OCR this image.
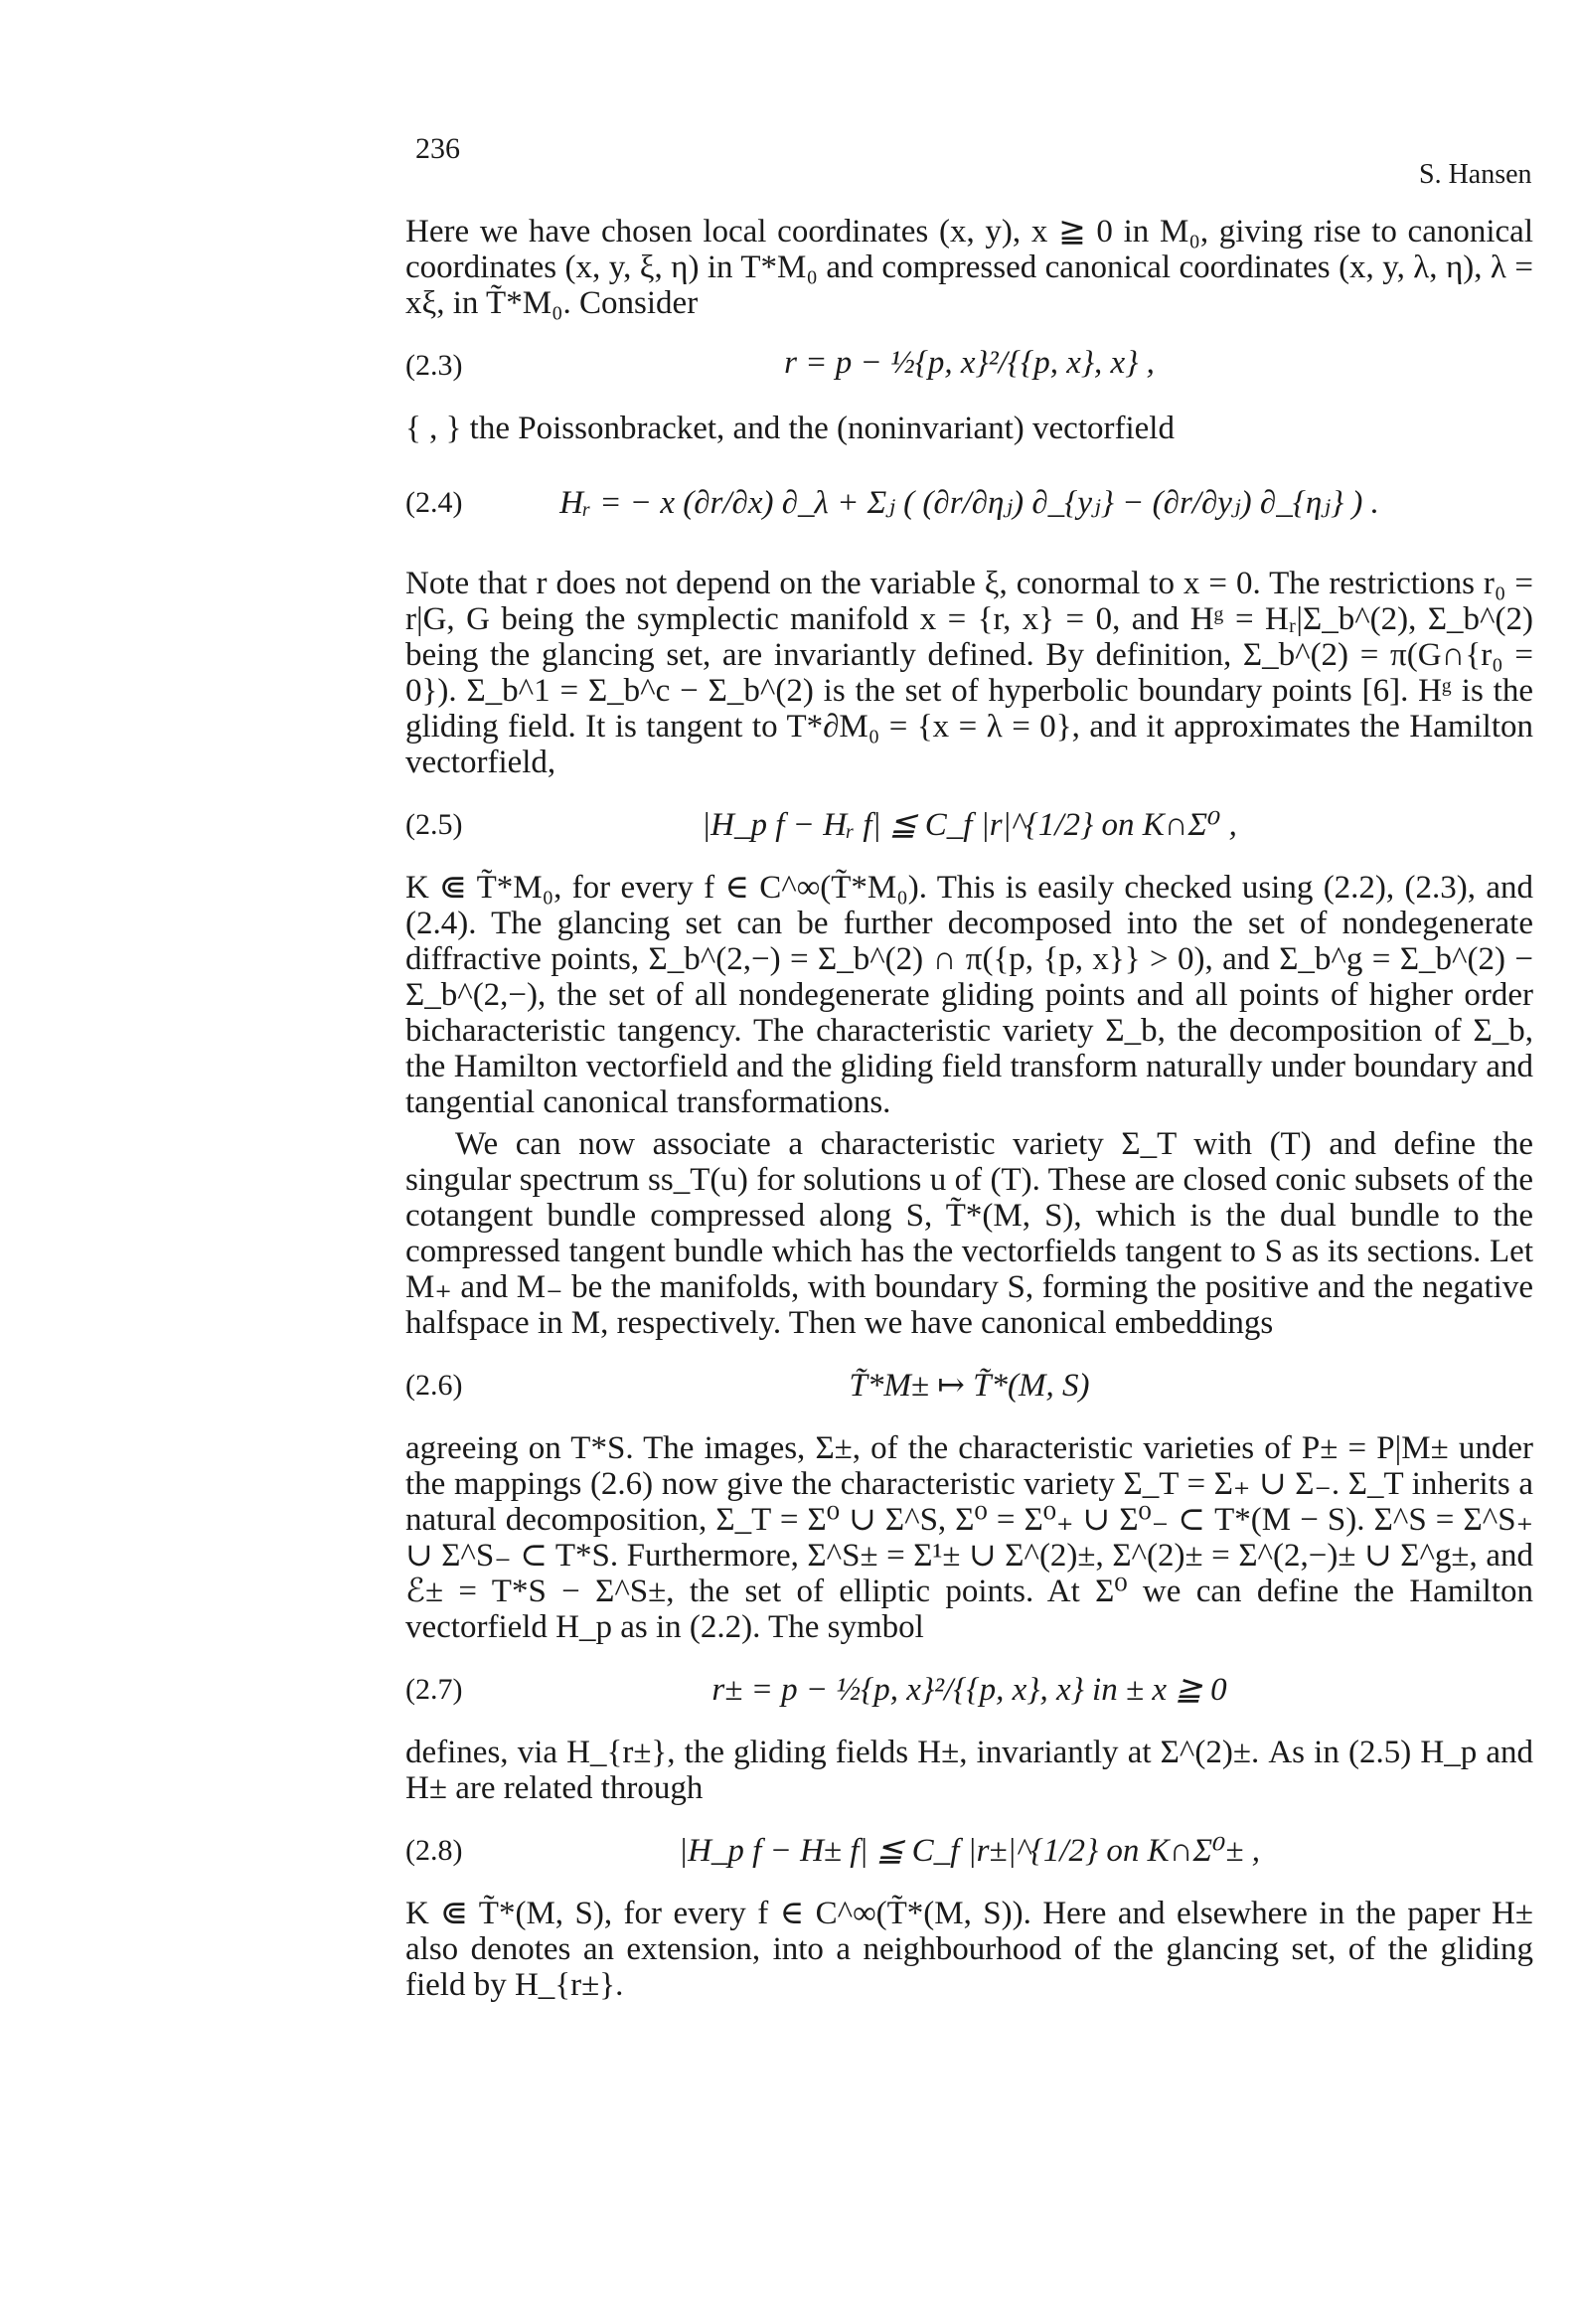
236
S. Hansen

Here we have chosen local coordinates (x, y), x ≧ 0 in M₀, giving rise to canonical coordinates (x, y, ξ, η) in T*M₀ and compressed canonical coordinates (x, y, λ, η), λ = xξ, in T̃*M₀. Consider

(2.3)	r = p − ½{p, x}²/{{p, x}, x} ,

{ , } the Poissonbracket, and the (noninvariant) vectorfield

(2.4)	Hᵣ = − x (∂r/∂x) ∂_λ + Σⱼ ( (∂r/∂ηⱼ) ∂_{yⱼ} − (∂r/∂yⱼ) ∂_{ηⱼ} ) .

Note that r does not depend on the variable ξ, conormal to x = 0. The restrictions r₀ = r|G, G being the symplectic manifold x = {r, x} = 0, and Hᵍ = Hᵣ|Σ_b^(2), Σ_b^(2) being the glancing set, are invariantly defined. By definition, Σ_b^(2) = π(G∩{r₀ = 0}). Σ_b^1 = Σ_b^c − Σ_b^(2) is the set of hyperbolic boundary points [6]. Hᵍ is the gliding field. It is tangent to T*∂M₀ = {x = λ = 0}, and it approximates the Hamilton vectorfield,

(2.5)	|H_p f − Hᵣ f| ≦ C_f |r|^{1/2} on K∩Σ⁰ ,

K ⋐ T̃*M₀, for every f ∈ C^∞(T̃*M₀). This is easily checked using (2.2), (2.3), and (2.4). The glancing set can be further decomposed into the set of nondegenerate diffractive points, Σ_b^(2,−) = Σ_b^(2) ∩ π({p, {p, x}} > 0), and Σ_b^g = Σ_b^(2) − Σ_b^(2,−), the set of all nondegenerate gliding points and all points of higher order bicharacteristic tangency. The characteristic variety Σ_b, the decomposition of Σ_b, the Hamilton vectorfield and the gliding field transform naturally under boundary and tangential canonical transformations.

We can now associate a characteristic variety Σ_T with (T) and define the singular spectrum ss_T(u) for solutions u of (T). These are closed conic subsets of the cotangent bundle compressed along S, T̃*(M, S), which is the dual bundle to the compressed tangent bundle which has the vectorfields tangent to S as its sections. Let M₊ and M₋ be the manifolds, with boundary S, forming the positive and the negative halfspace in M, respectively. Then we have canonical embeddings

(2.6)	T̃*M± ↦ T̃*(M, S)

agreeing on T*S. The images, Σ±, of the characteristic varieties of P± = P|M± under the mappings (2.6) now give the characteristic variety Σ_T = Σ₊ ∪ Σ₋. Σ_T inherits a natural decomposition, Σ_T = Σ⁰ ∪ Σ^S, Σ⁰ = Σ⁰₊ ∪ Σ⁰₋ ⊂ T*(M − S). Σ^S = Σ^S₊ ∪ Σ^S₋ ⊂ T*S. Furthermore, Σ^S± = Σ¹± ∪ Σ^(2)±, Σ^(2)± = Σ^(2,−)± ∪ Σ^g±, and ℰ± = T*S − Σ^S±, the set of elliptic points. At Σ⁰ we can define the Hamilton vectorfield H_p as in (2.2). The symbol

(2.7)	r± = p − ½{p, x}²/{{p, x}, x} in ± x ≧ 0

defines, via H_{r±}, the gliding fields H±, invariantly at Σ^(2)±. As in (2.5) H_p and H± are related through

(2.8)	|H_p f − H± f| ≦ C_f |r±|^{1/2} on K∩Σ⁰± ,

K ⋐ T̃*(M, S), for every f ∈ C^∞(T̃*(M, S)). Here and elsewhere in the paper H± also denotes an extension, into a neighbourhood of the glancing set, of the gliding field by H_{r±}.
